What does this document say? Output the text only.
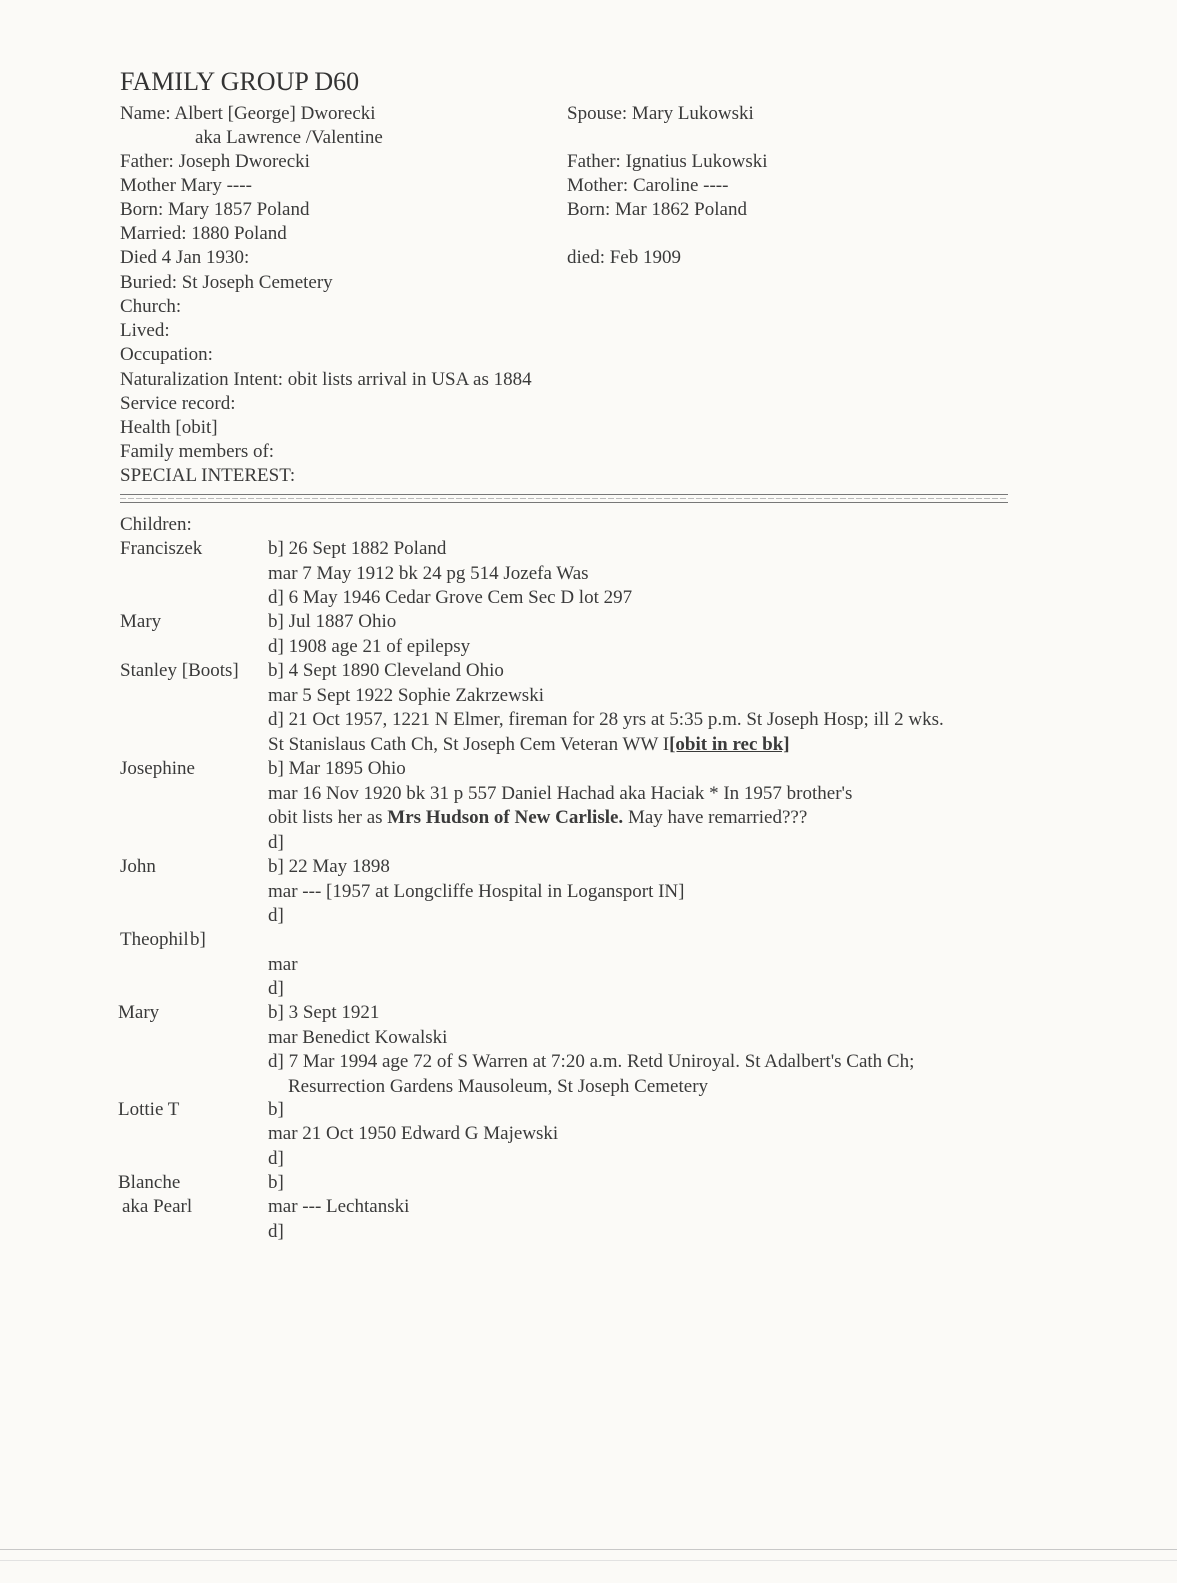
FAMILY GROUP D60
Name: Albert [George] Dworecki
aka Lawrence /Valentine
Father: Joseph Dworecki
Mother Mary ----
Born: Mary 1857 Poland
Married: 1880 Poland
Died 4 Jan 1930:
Buried: St Joseph Cemetery
Church:
Lived:
Occupation:
Naturalization Intent: obit lists arrival in USA as 1884
Service record:
Health [obit]
Family members of:
SPECIAL INTEREST:
Spouse: Mary Lukowski
Father: Ignatius Lukowski
Mother: Caroline ----
Born: Mar 1862 Poland
died: Feb 1909
Children:
Franciszek	b] 26 Sept 1882 Poland
mar 7 May 1912 bk 24 pg 514 Jozefa Was
d] 6 May 1946 Cedar Grove Cem Sec D lot 297
Mary	b] Jul 1887 Ohio
d] 1908 age 21 of epilepsy
Stanley [Boots] b] 4 Sept 1890 Cleveland Ohio
mar 5 Sept 1922 Sophie Zakrzewski
d] 21 Oct 1957, 1221 N Elmer, fireman for 28 yrs at 5:35 p.m. St Joseph Hosp; ill 2 wks.
St Stanislaus Cath Ch, St Joseph Cem Veteran WW I[obit in rec bk]
Josephine	b] Mar 1895 Ohio
mar 16 Nov 1920 bk 31 p 557 Daniel Hachad aka Haciak * In 1957 brother's
obit lists her as Mrs Hudson of New Carlisle. May have remarried???
d]
John	b] 22 May 1898
mar --- [1957 at Longcliffe Hospital in Logansport IN]
d]
Theophil b]
mar
d]
Mary	b] 3 Sept 1921
mar Benedict Kowalski
d] 7 Mar 1994 age 72 of S Warren at 7:20 a.m. Retd Uniroyal. St Adalbert's Cath Ch;
Resurrection Gardens Mausoleum, St Joseph Cemetery
Lottie T	b]
mar 21 Oct 1950 Edward G Majewski
d]
Blanche	b]
aka Pearl	mar --- Lechtanski
d]
